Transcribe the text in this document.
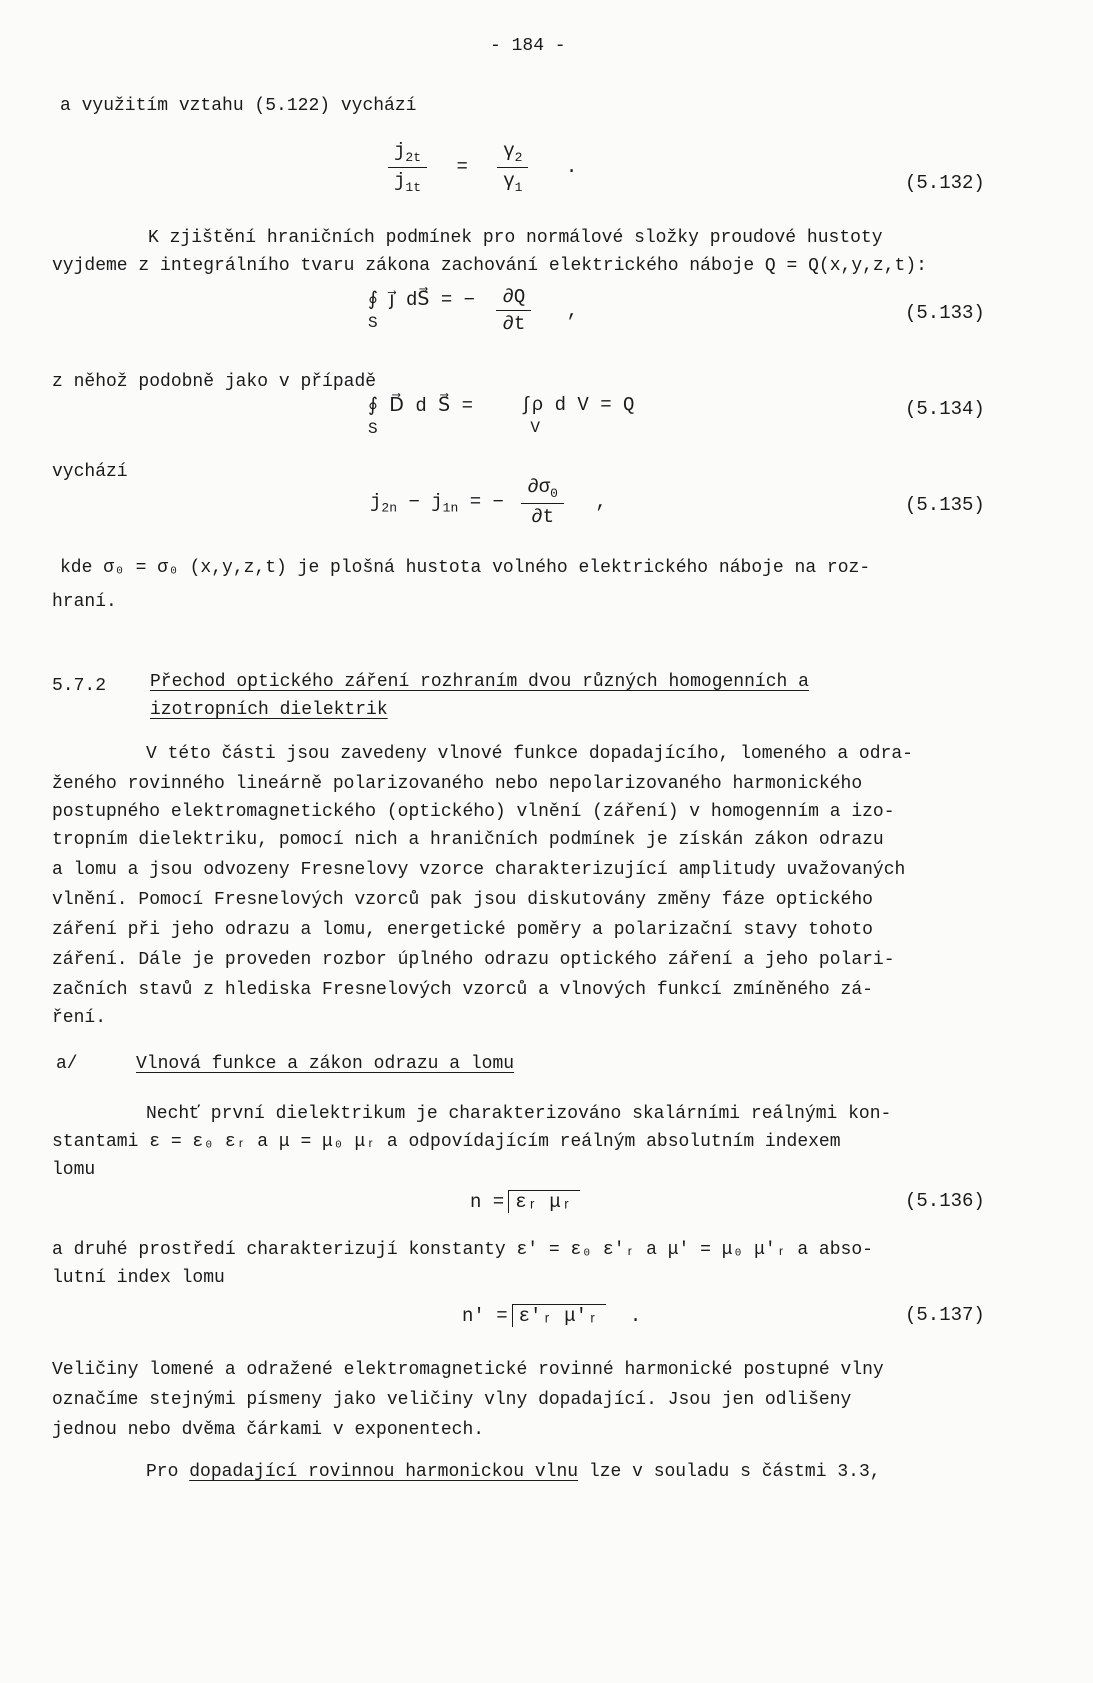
- 184 -
a využitím vztahu (5.122) vychází
$\frac{j_{2t}}{j_{1t}} = \frac{\gamma_2}{\gamma_1}$ .
(5.132)
K zjištění hraničních podmínek pro normálové složky proudové hustoty
vyjdeme z integrálního tvaru zákona zachování elektrického náboje Q = Q(x,y,z,t):
∮ j⃗ dS⃗ = −
S	$\frac{\partial Q}{\partial t}$ ,	(5.133)
z něhož podobně jako v případě
∮ D⃗ d S⃗ =
S ∫ρ d V = Q
V
(5.134)
vychází
$j_{2n} - j_{1n}$ = − $\frac{\partial\sigma_0}{\partial t}$ ,	(5.135)
kde σ₀ = σ₀ (x,y,z,t) je plošná hustota volného elektrického náboje na roz-
hraní.
5.7.2 Přechod optického záření rozhraním dvou různých homogenních a
izotropních dielektrik
V této části jsou zavedeny vlnové funkce dopadajícího, lomeného a odra-
ženého rovinného lineárně polarizovaného nebo nepolarizovaného harmonického
postupného elektromagnetického (optického) vlnění (záření) v homogenním a izo-
tropním dielektriku, pomocí nich a hraničních podmínek je získán zákon odrazu
a lomu a jsou odvozeny Fresnelovy vzorce charakterizující amplitudy uvažovaných
vlnění. Pomocí Fresnelových vzorců pak jsou diskutovány změny fáze optického
záření při jeho odrazu a lomu, energetické poměry a polarizační stavy tohoto
záření. Dále je proveden rozbor úplného odrazu optického záření a jeho polari-
začních stavů z hlediska Fresnelových vzorců a vlnových funkcí zmíněného zá-
ření.
a/	Vlnová funkce a zákon odrazu a lomu
Nechť první dielektrikum je charakterizováno skalárními reálnými kon-
stantami ε = ε₀ εᵣ a μ = μ₀ μᵣ a odpovídajícím reálným absolutním indexem
lomu
n = εᵣ μᵣ	(5.136)
a druhé prostředí charakterizují konstanty ε′ = ε₀ ε′ᵣ a μ′ = μ₀ μ′ᵣ a abso-
lutní index lomu
n′ = ε′ᵣ μ′ᵣ .	(5.137)
Veličiny lomené a odražené elektromagnetické rovinné harmonické postupné vlny
označíme stejnými písmeny jako veličiny vlny dopadající. Jsou jen odlišeny
jednou nebo dvěma čárkami v exponentech.
Pro dopadající rovinnou harmonickou vlnu lze v souladu s částmi 3.3,
